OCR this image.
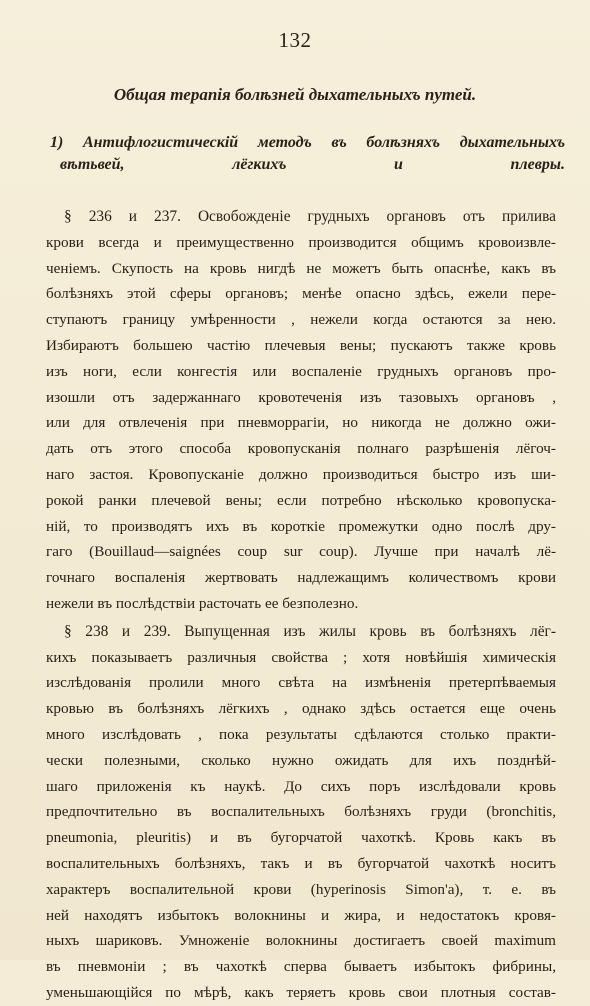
132
Общая терапія болѣзней дыхательныхъ путей.
1) Антифлогистическій методъ въ болѣзняхъ дыхательныхъ
вѣтьвей, лёгкихъ и плевры.
§ 236 и 237. Освобожденіе грудныхъ органовъ отъ прилива
крови всегда и преимущественно производится общимъ кровоизвле-
ченіемъ. Скупость на кровь нигдѣ не можетъ быть опаснѣе, какъ въ
болѣзняхъ этой сферы органовъ; менѣе опасно здѣсь, ежели пере-
ступаютъ границу умѣренности , нежели когда остаются за нею.
Избираютъ большею частію плечевыя вены; пускаютъ также кровь
изъ ноги, если конгестія или воспаленіе грудныхъ органовъ про-
изошли отъ задержаннаго кровотеченія изъ тазовыхъ органовъ ,
или для отвлеченія при пневморрагіи, но никогда не должно ожи-
дать отъ этого способа кровопусканія полнаго разрѣшенія лёгоч-
наго застоя. Кровопусканіе должно производиться быстро изъ ши-
рокой ранки плечевой вены; если потребно нѣсколько кровопуска-
ній, то производятъ ихъ въ короткіе промежутки одно послѣ дру-
гаго (Bouillaud—saignées coup sur coup). Лучше при началѣ лё-
гочнаго воспаленія жертвовать надлежащимъ количествомъ крови
нежели въ послѣдствіи расточать ее безполезно.
§ 238 и 239. Выпущенная изъ жилы кровь въ болѣзняхъ лёг-
кихъ показываетъ различныя свойства ; хотя новѣйшія химическія
изслѣдованія пролили много свѣта на измѣненія претерпѣваемыя
кровью въ болѣзняхъ лёгкихъ , однако здѣсь остается еще очень
много изслѣдовать , пока результаты сдѣлаются столько практи-
чески полезными, сколько нужно ожидать для ихъ позднѣй-
шаго приложенія къ наукѣ. До сихъ поръ изслѣдовали кровь
предпочтительно въ воспалительныхъ болѣзняхъ груди (bronchitis,
pneumonia, pleuritis) и въ бугорчатой чахоткѣ. Кровь какъ въ
воспалительныхъ болѣзняхъ, такъ и въ бугорчатой чахоткѣ носитъ
характеръ воспалительной крови (hyperinosis Simon'a), т. е. въ
ней находятъ избытокъ волокнины и жира, и недостатокъ кровя-
ныхъ шариковъ. Умноженіе волокнины достигаетъ своей maximum
въ пневмоніи ; въ чахоткѣ сперва бываетъ избытокъ фибрины,
уменьшающійся по мѣрѣ, какъ теряетъ кровь свои плотныя состав-
